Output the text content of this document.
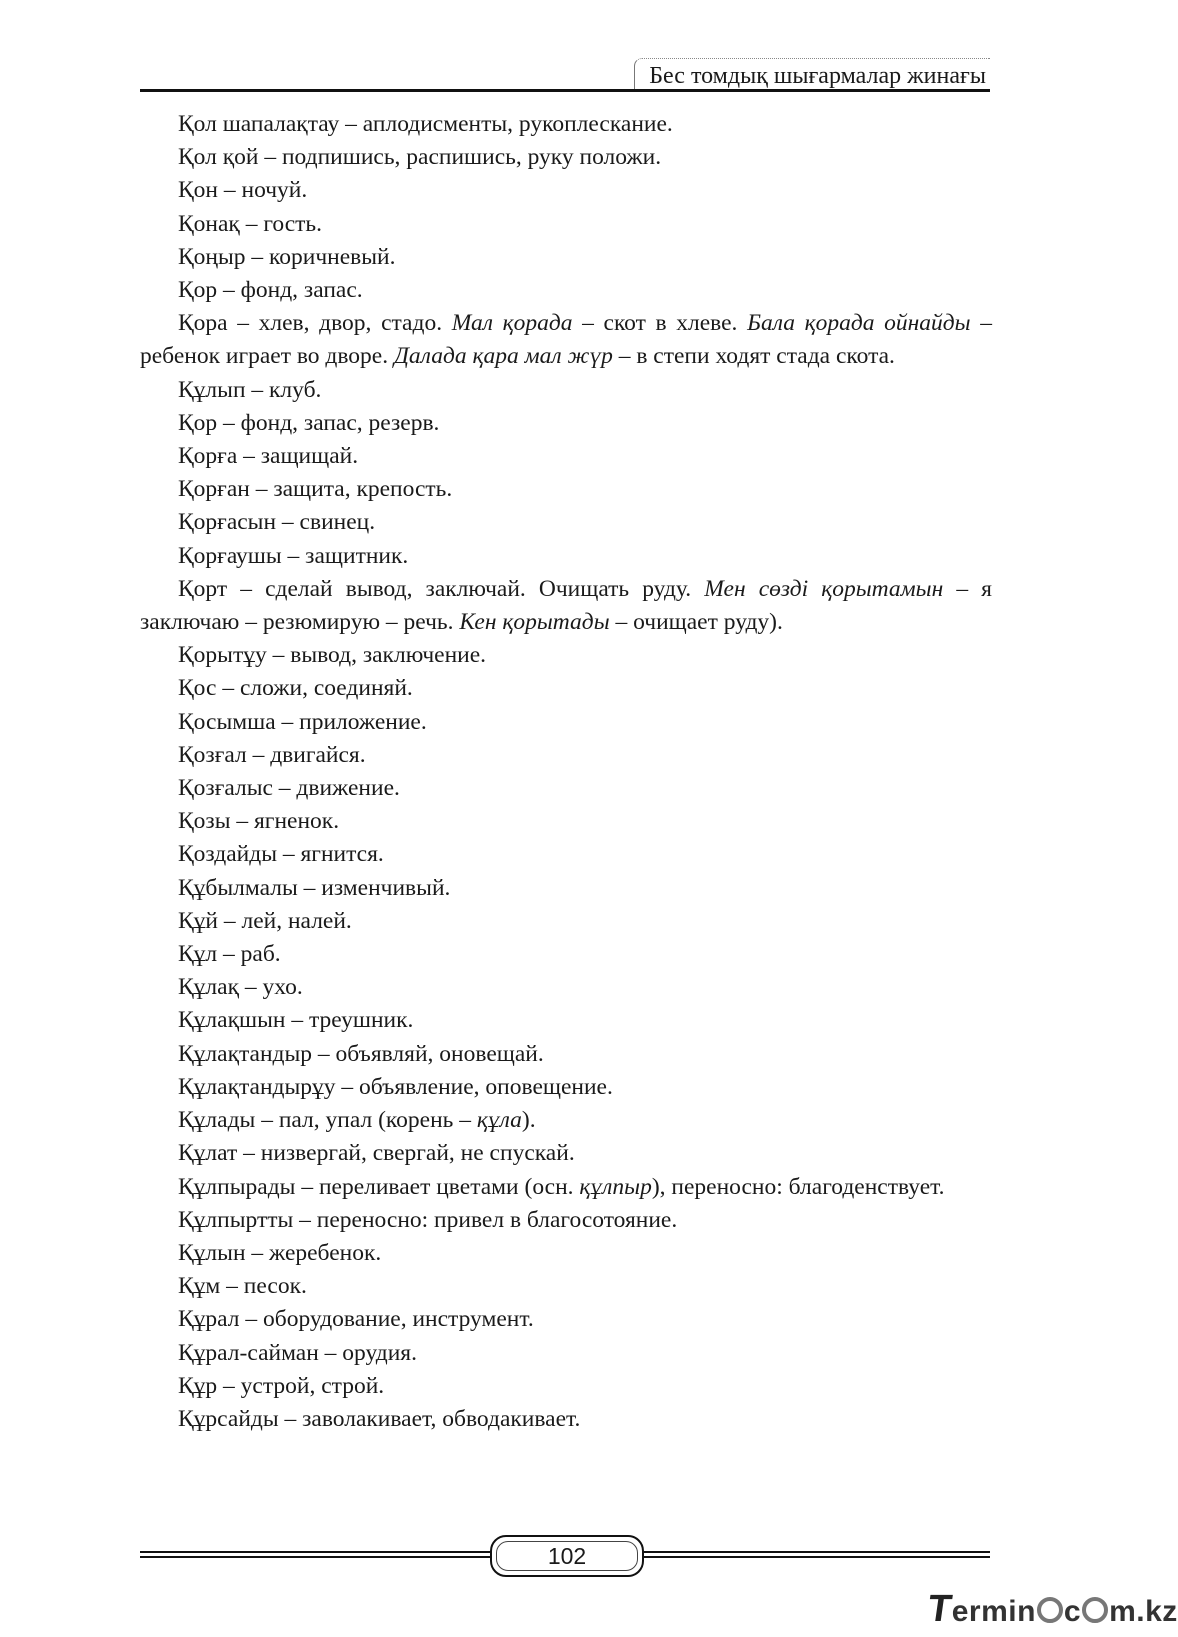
Бес томдық шығармалар жинағы

Қол шапалақтау – аплодисменты, рукоплескание.

Қол қой – подпишись, распишись, руку положи.

Қон – ночуй.

Қонақ – гость.

Қоңыр – коричневый.

Қор – фонд, запас.

Қора – хлев, двор, стадо. Мал қорада – скот в хлеве. Бала қорада ойнайды – ребенок играет во дворе. Далада қара мал жүр – в степи ходят стада скота.

Құлып – клуб.

Қор – фонд, запас, резерв.

Қорға – защищай.

Қорған – защита, крепость.

Қорғасын – свинец.

Қорғаушы – защитник.

Қорт – сделай вывод, заключай. Очищать руду. Мен сөзді қорытамын – я заключаю – резюмирую – речь. Кен қорытады – очищает руду).

Қорытұу – вывод, заключение.

Қос – сложи, соединяй.

Қосымша – приложение.

Қозғал – двигайся.

Қозғалыс – движение.

Қозы – ягненок.

Қоздайды – ягнится.

Құбылмалы – изменчивый.

Құй – лей, налей.

Құл – раб.

Құлақ – ухо.

Құлақшын – треушник.

Құлақтандыр – объявляй, оновещай.

Құлақтандырұу – объявление, оповещение.

Құлады – пал, упал (корень – құла).

Құлат – низвергай, свергай, не спускай.

Құлпырады – переливает цветами (осн. құлпыр), переносно: благоденствует.

Құлпыртты – переносно: привел в благосотояние.

Құлын – жеребенок.

Құм – песок.

Құрал – оборудование, инструмент.

Құрал-сайман – орудия.

Құр – устрой, строй.

Құрсайды – заволакивает, обводакивает.

102
Termin c m.kz
